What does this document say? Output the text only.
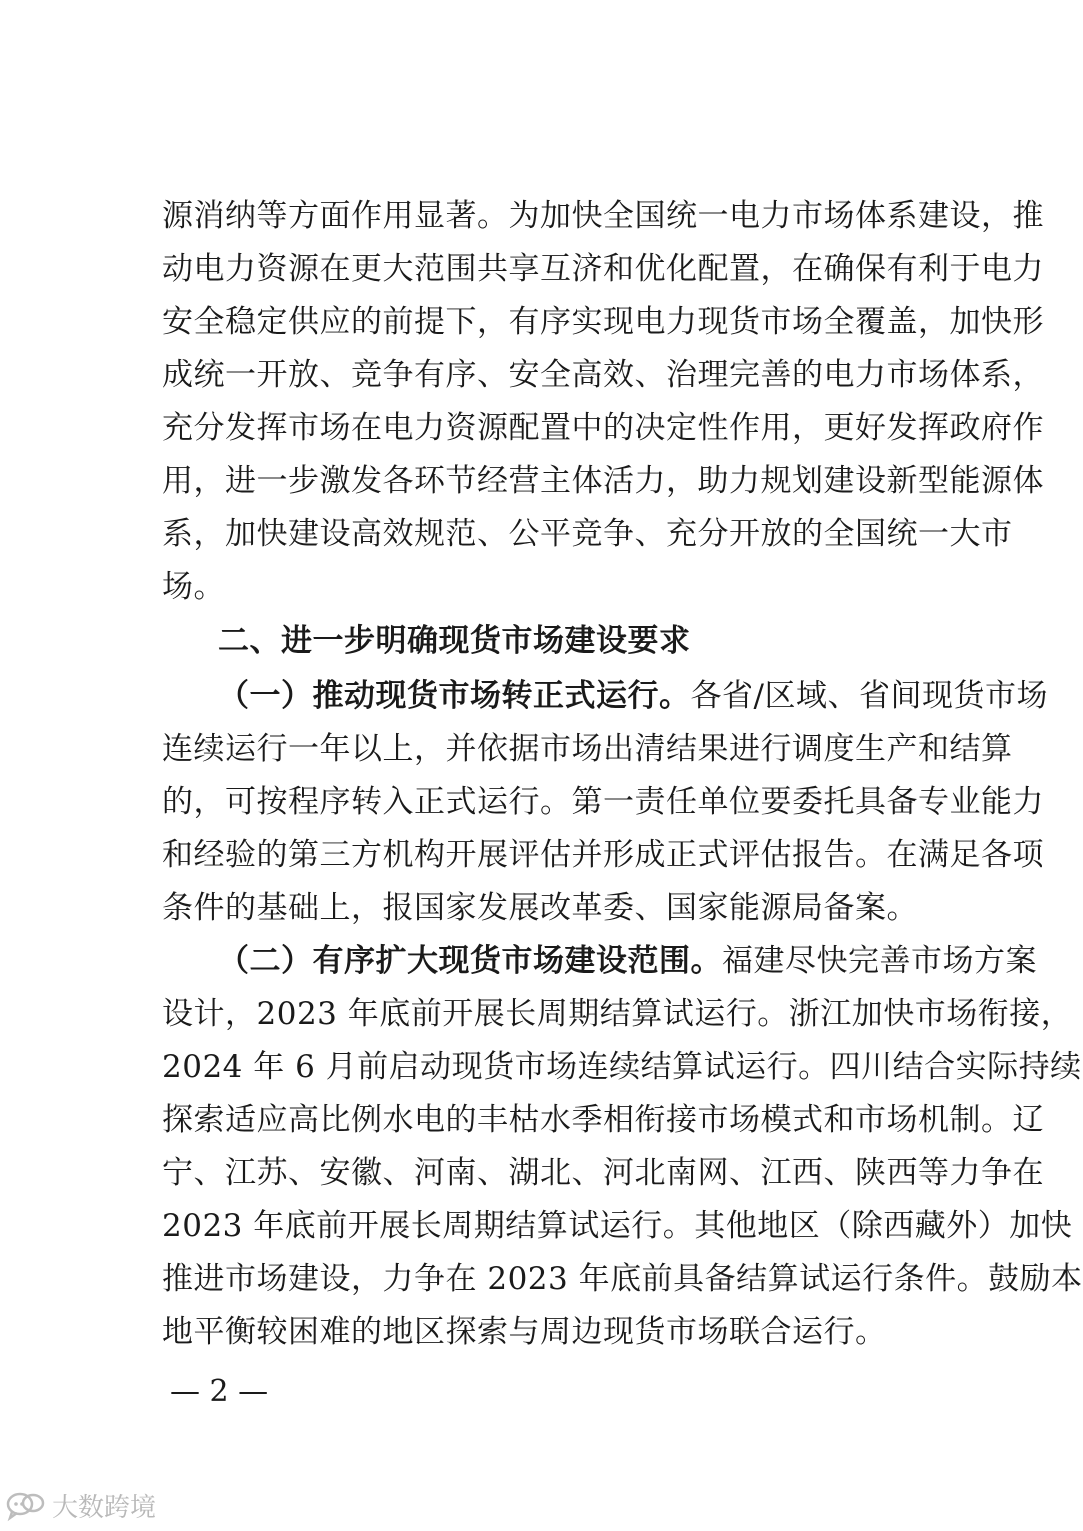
源消纳等方面作用显著。为加快全国统一电力市场体系建设，推
动电力资源在更大范围共享互济和优化配置，在确保有利于电力
安全稳定供应的前提下，有序实现电力现货市场全覆盖，加快形
成统一开放、竞争有序、安全高效、治理完善的电力市场体系，
充分发挥市场在电力资源配置中的决定性作用，更好发挥政府作
用，进一步激发各环节经营主体活力，助力规划建设新型能源体
系，加快建设高效规范、公平竞争、充分开放的全国统一大市
场。
二、进一步明确现货市场建设要求
（一）推动现货市场转正式运行。各省/区域、省间现货市场
连续运行一年以上，并依据市场出清结果进行调度生产和结算
的，可按程序转入正式运行。第一责任单位要委托具备专业能力
和经验的第三方机构开展评估并形成正式评估报告。在满足各项
条件的基础上，报国家发展改革委、国家能源局备案。
（二）有序扩大现货市场建设范围。福建尽快完善市场方案
设计，2023 年底前开展长周期结算试运行。浙江加快市场衔接，
2024 年 6 月前启动现货市场连续结算试运行。四川结合实际持续
探索适应高比例水电的丰枯水季相衔接市场模式和市场机制。辽
宁、江苏、安徽、河南、湖北、河北南网、江西、陕西等力争在
2023 年底前开展长周期结算试运行。其他地区（除西藏外）加快
推进市场建设，力争在 2023 年底前具备结算试运行条件。鼓励本
地平衡较困难的地区探索与周边现货市场联合运行。
— 2 —
大数跨境
